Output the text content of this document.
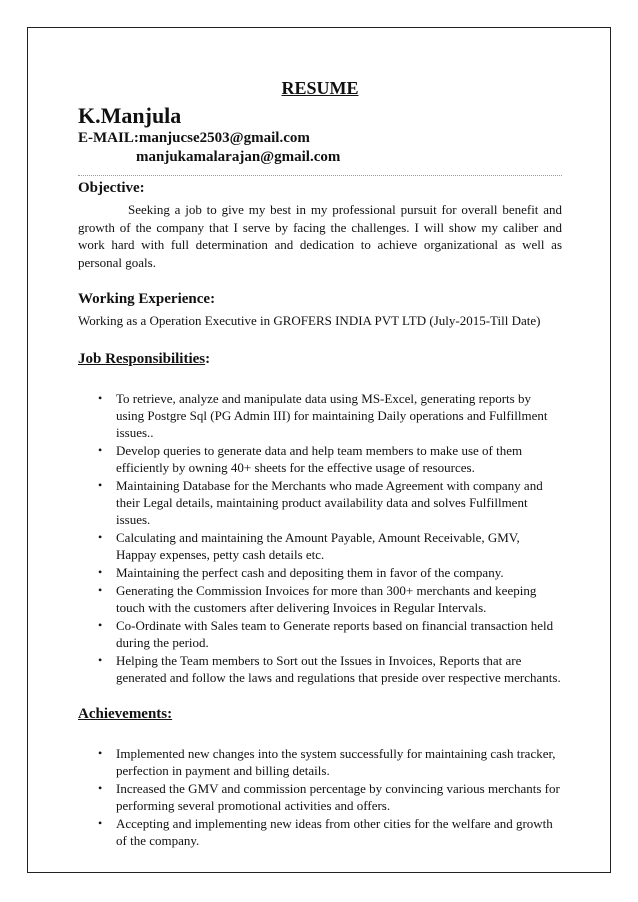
RESUME
K.Manjula
E-MAIL:manjucse2503@gmail.com
manjukamalarajan@gmail.com
Objective:

Seeking a job to give my best in my professional pursuit for overall benefit and growth of the company that I serve by facing the challenges. I will show my caliber and work hard with full determination and dedication to achieve organizational as well as personal goals.

Working Experience:

Working as a Operation Executive in GROFERS INDIA PVT LTD (July-2015-Till Date)

Job Responsibilities:
• To retrieve, analyze and manipulate data using MS-Excel, generating reports by using Postgre Sql (PG Admin III) for maintaining Daily operations and Fulfillment issues..
• Develop queries to generate data and help team members to make use of them efficiently by owning 40+ sheets for the effective usage of resources.
• Maintaining Database for the Merchants who made Agreement with company and their Legal details, maintaining product availability data and solves Fulfillment issues.
• Calculating and maintaining the Amount Payable, Amount Receivable, GMV, Happay expenses, petty cash details etc.
• Maintaining the perfect cash and depositing them in favor of the company.
• Generating the Commission Invoices for more than 300+ merchants and keeping touch with the customers after delivering Invoices in Regular Intervals.
• Co-Ordinate with Sales team to Generate reports based on financial transaction held during the period.
• Helping the Team members to Sort out the Issues in Invoices, Reports that are generated and follow the laws and regulations that preside over respective merchants.
Achievements:
• Implemented new changes into the system successfully for maintaining cash tracker, perfection in payment and billing details.
• Increased the GMV and commission percentage by convincing various merchants for performing several promotional activities and offers.
• Accepting and implementing new ideas from other cities for the welfare and growth of the company.
